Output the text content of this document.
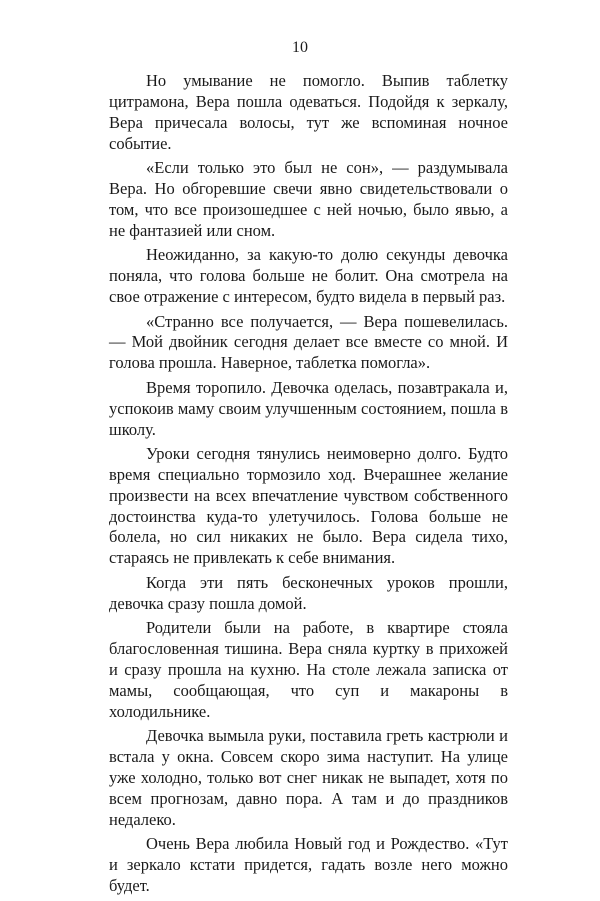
10

Но умывание не помогло. Выпив таблетку цитрамона, Вера пошла одеваться. Подойдя к зеркалу, Вера причесала волосы, тут же вспоминая ночное событие.

«Если только это был не сон», — раздумывала Вера. Но обгоревшие свечи явно свидетельствовали о том, что все произошедшее с ней ночью, было явью, а не фантазией или сном.

Неожиданно, за какую-то долю секунды девочка поняла, что голова больше не болит. Она смотрела на свое отражение с интересом, будто видела в первый раз.

«Странно все получается, — Вера пошевелилась. — Мой двойник сегодня делает все вместе со мной. И голова прошла. Наверное, таблетка помогла».

Время торопило. Девочка оделась, позавтракала и, успокоив маму своим улучшенным состоянием, пошла в школу.

Уроки сегодня тянулись неимоверно долго. Будто время специально тормозило ход. Вчерашнее желание произвести на всех впечатление чувством собственного достоинства куда-то улетучилось. Голова больше не болела, но сил никаких не было. Вера сидела тихо, стараясь не привлекать к себе внимания.

Когда эти пять бесконечных уроков прошли, девочка сразу пошла домой.

Родители были на работе, в квартире стояла благословенная тишина. Вера сняла куртку в прихожей и сразу прошла на кухню. На столе лежала записка от мамы, сообщающая, что суп и макароны в холодильнике.

Девочка вымыла руки, поставила греть кастрюли и встала у окна. Совсем скоро зима наступит. На улице уже холодно, только вот снег никак не выпадет, хотя по всем прогнозам, давно пора. А там и до праздников недалеко.

Очень Вера любила Новый год и Рождество. «Тут и зеркало кстати придется, гадать возле него можно будет.
